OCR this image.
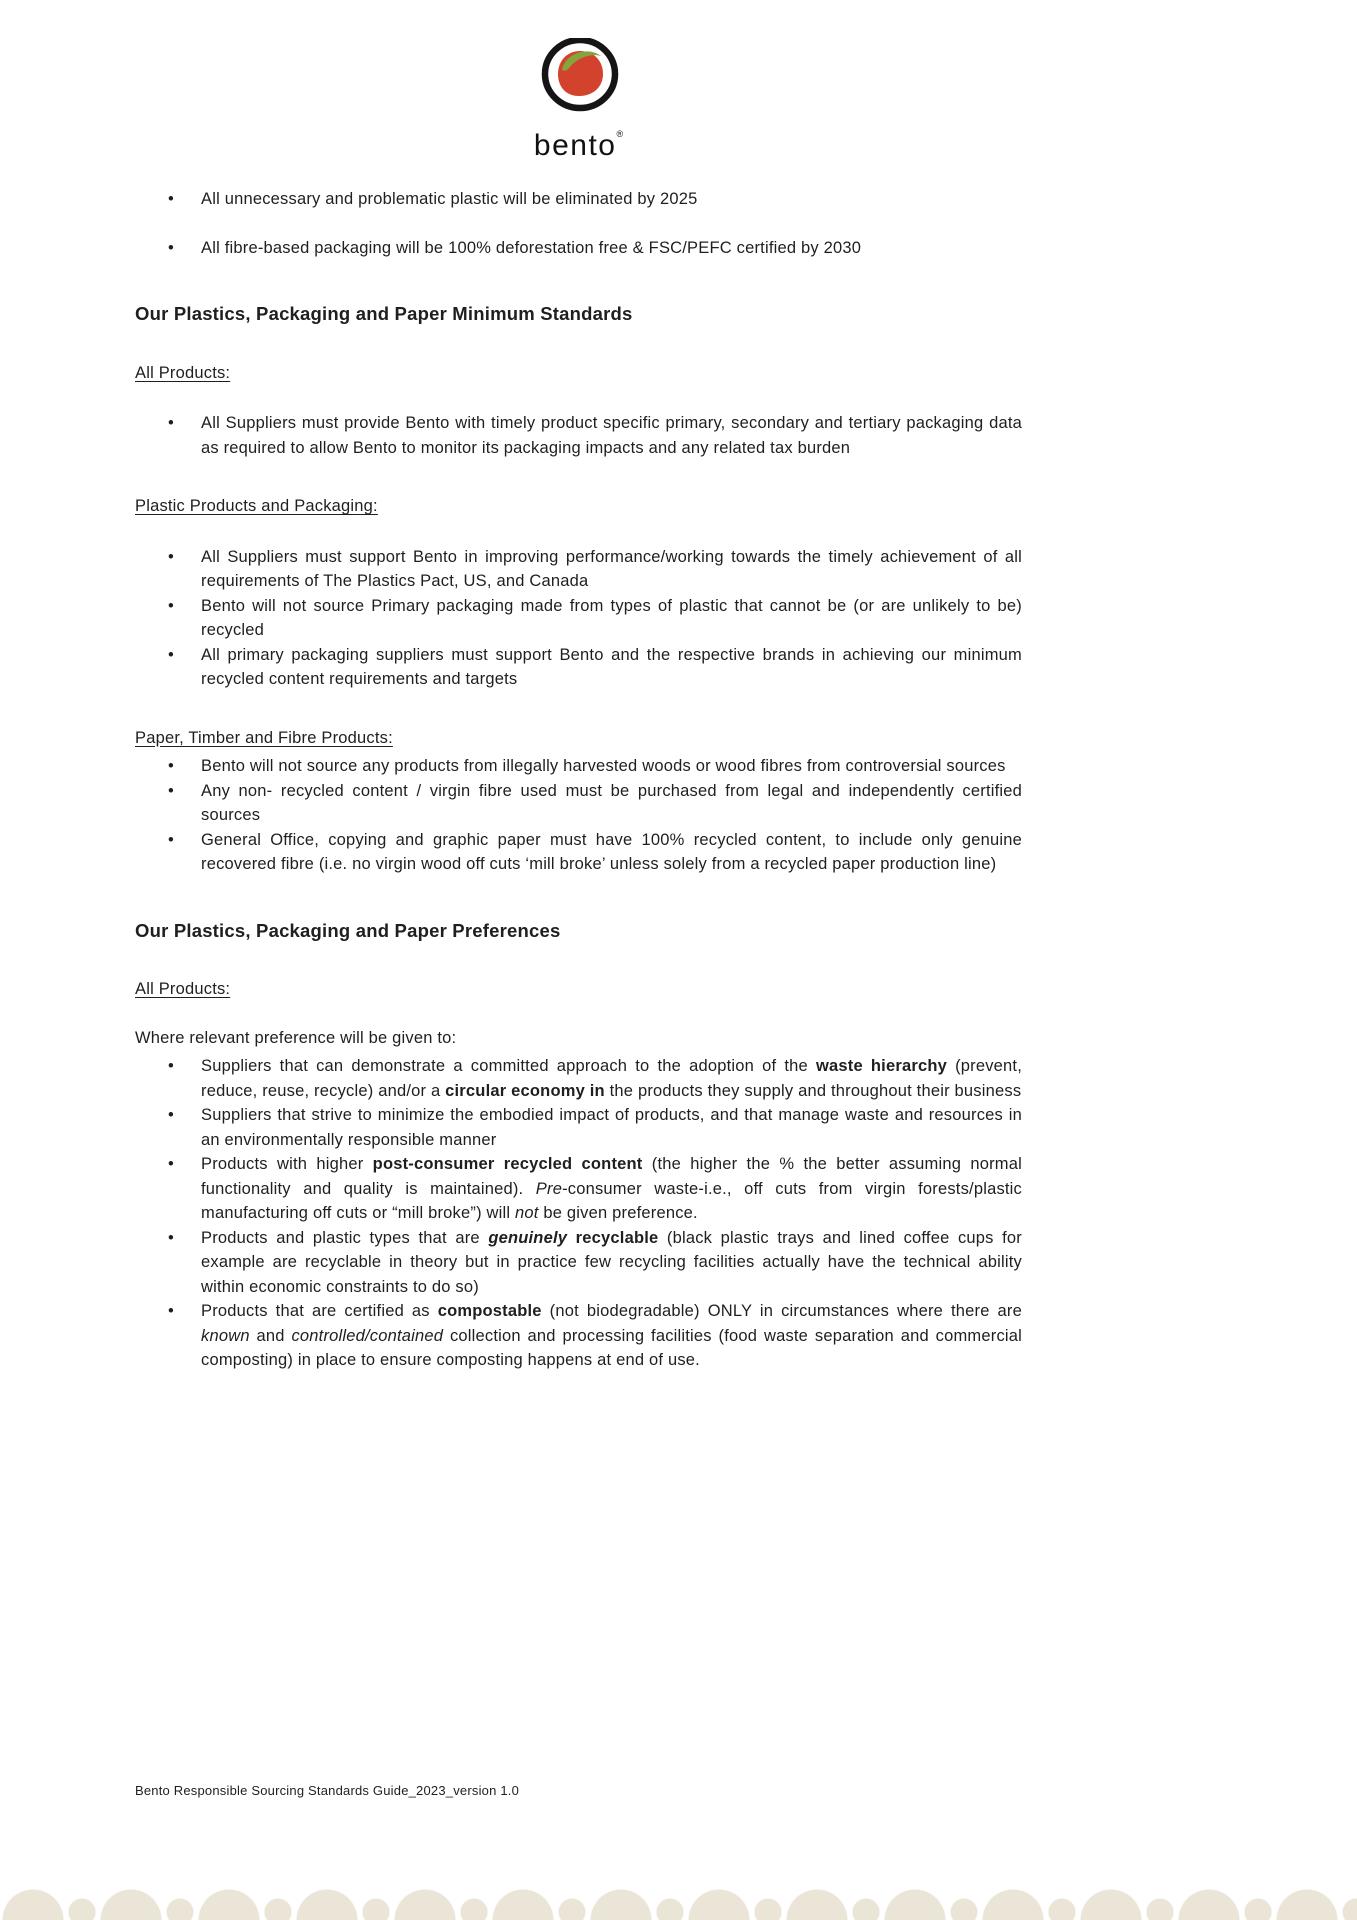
bento®
• All unnecessary and problematic plastic will be eliminated by 2025
• All fibre-based packaging will be 100% deforestation free & FSC/PEFC certified by 2030
Our Plastics, Packaging and Paper Minimum Standards

All Products:

• All Suppliers must provide Bento with timely product specific primary, secondary and tertiary packaging data as required to allow Bento to monitor its packaging impacts and any related tax burden

Plastic Products and Packaging:

• All Suppliers must support Bento in improving performance/working towards the timely achievement of all requirements of The Plastics Pact, US, and Canada
• Bento will not source Primary packaging made from types of plastic that cannot be (or are unlikely to be) recycled
• All primary packaging suppliers must support Bento and the respective brands in achieving our minimum recycled content requirements and targets

Paper, Timber and Fibre Products:

• Bento will not source any products from illegally harvested woods or wood fibres from controversial sources
• Any non- recycled content / virgin fibre used must be purchased from legal and independently certified sources
• General Office, copying and graphic paper must have 100% recycled content, to include only genuine recovered fibre (i.e. no virgin wood off cuts ‘mill broke’ unless solely from a recycled paper production line)
Our Plastics, Packaging and Paper Preferences

All Products:

Where relevant preference will be given to:

• Suppliers that can demonstrate a committed approach to the adoption of the waste hierarchy (prevent, reduce, reuse, recycle) and/or a circular economy in the products they supply and throughout their business
• Suppliers that strive to minimize the embodied impact of products, and that manage waste and resources in an environmentally responsible manner
• Products with higher post-consumer recycled content (the higher the % the better assuming normal functionality and quality is maintained). Pre-consumer waste-i.e., off cuts from virgin forests/plastic manufacturing off cuts or “mill broke”) will not be given preference.
• Products and plastic types that are genuinely recyclable (black plastic trays and lined coffee cups for example are recyclable in theory but in practice few recycling facilities actually have the technical ability within economic constraints to do so)
• Products that are certified as compostable (not biodegradable) ONLY in circumstances where there are known and controlled/contained collection and processing facilities (food waste separation and commercial composting) in place to ensure composting happens at end of use.
Bento Responsible Sourcing Standards Guide_2023_version 1.0
